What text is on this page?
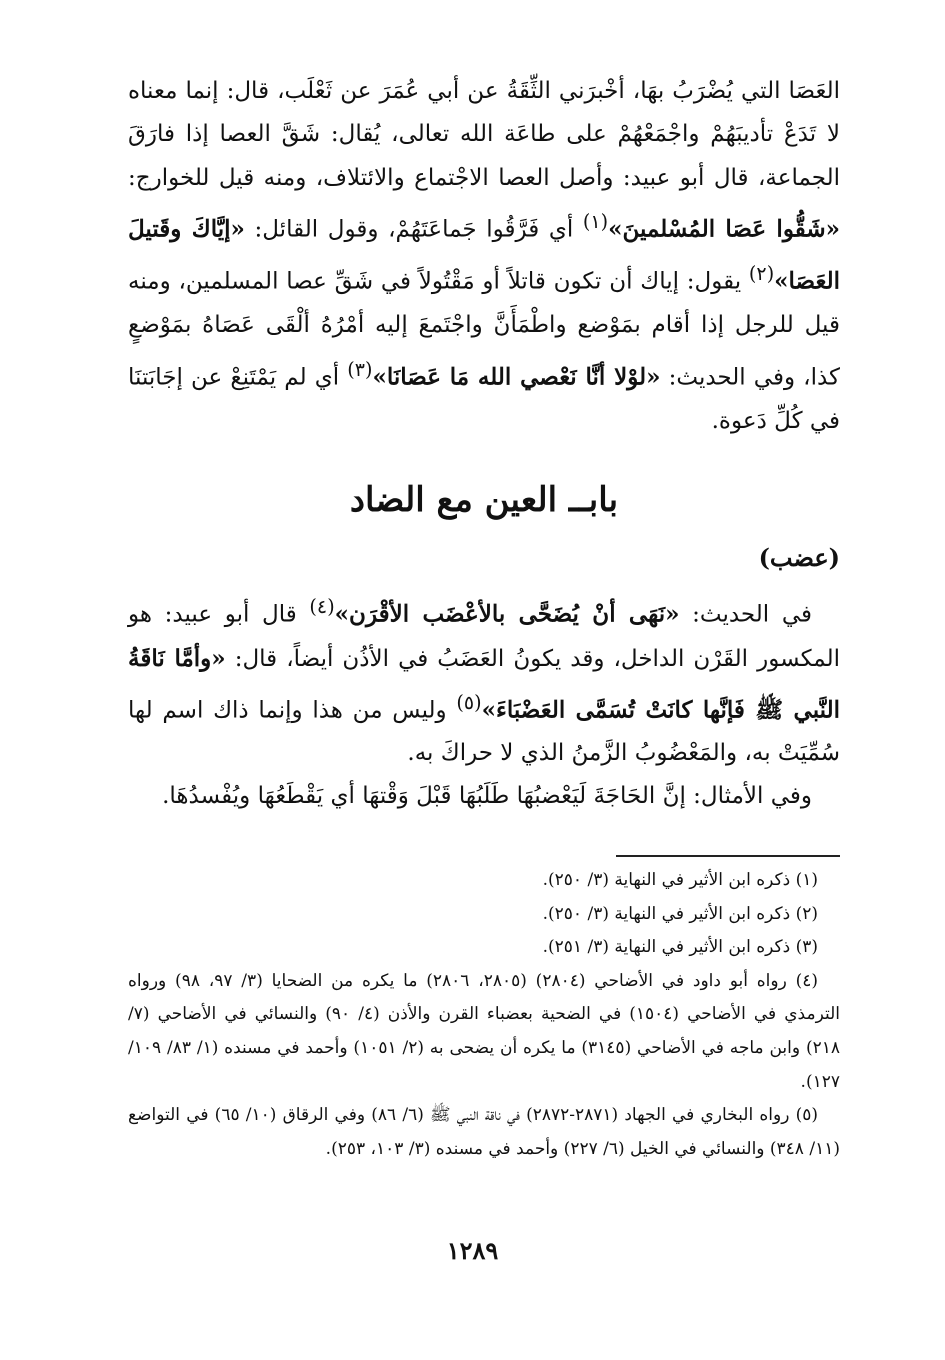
العَصَا التي يُضْرَبُ بهَا، أخْبرَني الثِّقَةُ عن أبي عُمَرَ عن ثَعْلَب، قال: إنما معناه لا تَدَعْ تأديبَهُمْ واجْمَعْهُمْ على طاعَة الله تعالى، يُقال: شَقَّ العصا إذا فارَقَ الجماعة، قال أبو عبيد: وأصل العصا الاجْتماع والائتلاف، ومنه قيل للخوارج: «شَقُّوا عَصَا المُسْلمينَ»$^{(١)}$ أي فَرَّقُوا جَماعَتَهُمْ، وقول القائل: «إيَّاكَ وقَتيلَ العَصَا»$^{(٢)}$ يقول: إياك أن تكون قاتلاً أو مَقْتُولاً في شَقِّ عصا المسلمين، ومنه قيل للرجل إذا أقام بمَوْضع واطْمَأَنَّ واجْتَمعَ إليه أمْرُهُ ألْقَى عَصَاهُ بمَوْضعٍ كذا، وفي الحديث: «لوْلا أنَّا نَعْصي الله مَا عَصَانَا»$^{(٣)}$ أي لم يَمْتَنِعْ عن إجَابَتنَا في كُلِّ دَعوة.

بابــ العين مع الضاد
(عضب)

في الحديث: «نَهَى أنْ يُضَحَّى بالأعْضَب الأقْرَن»$^{(٤)}$ قال أبو عبيد: هو المكسور القَرْن الداخل، وقد يكونُ العَضَبُ في الأذُن أيضاً، قال: «وأمَّا نَاقَةُ النَّبي ﷺ فَإنَّها كانَتْ تُسَمَّى العَضْبَاءَ»$^{(٥)}$ وليس من هذا وإنما ذاك اسم لها سُمِّيَتْ به، والمَعْضُوبُ الزَّمنُ الذي لا حراكَ به.

وفي الأمثال: إنَّ الحَاجَةَ لَيَعْضبُهَا طَلَبُهَا قَبْلَ وَقْتهَا أي يَقْطَعُهَا ويُفْسدُهَا.

(١) ذكره ابن الأثير في النهاية (٣/ ٢٥٠).

(٢) ذكره ابن الأثير في النهاية (٣/ ٢٥٠).

(٣) ذكره ابن الأثير في النهاية (٣/ ٢٥١).

(٤) رواه أبو داود في الأضاحي (٢٨٠٤) (٢٨٠٥، ٢٨٠٦) ما يكره من الضحايا (٣/ ٩٧، ٩٨) ورواه الترمذي في الأضاحي (١٥٠٤) في الضحية بعضباء القرن والأذن (٤/ ٩٠) والنسائي في الأضاحي (٧/ ٢١٨) وابن ماجه في الأضاحي (٣١٤٥) ما يكره أن يضحى به (٢/ ١٠٥١) وأحمد في مسنده (١/ ٨٣/ ١٠٩/ ١٢٧).

(٥) رواه البخاري في الجهاد (٢٨٧١-٢٨٧٢) في ناقة النبي ﷺ (٦/ ٨٦) وفي الرقاق (١٠/ ٦٥) في التواضع (١١/ ٣٤٨) والنسائي في الخيل (٦/ ٢٢٧) وأحمد في مسنده (٣/ ١٠٣، ٢٥٣).

١٢٨٩
